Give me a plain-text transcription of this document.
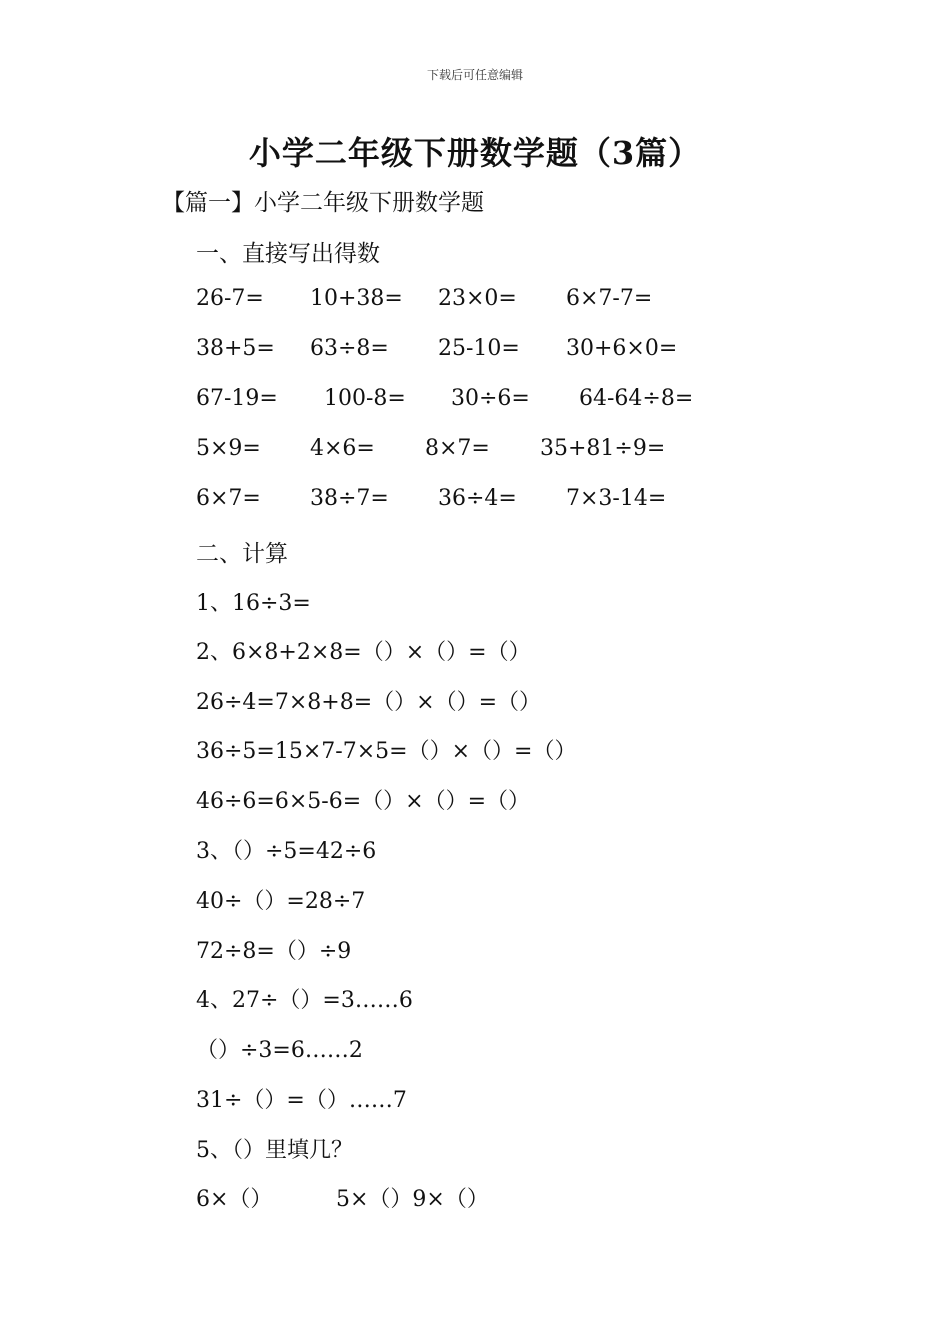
下载后可任意编辑
小学二年级下册数学题（3篇）
【篇一】小学二年级下册数学题
一、直接写出得数
26-7= 10+38= 23×0= 6×7-7=
38+5= 63÷8= 25-10= 30+6×0=
67-19= 100-8= 30÷6= 64-64÷8=
5×9= 4×6= 8×7= 35+81÷9=
6×7= 38÷7= 36÷4= 7×3-14=
二、计算
1、16÷3=
2、6×8+2×8=（）×（）=（）
26÷4=7×8+8=（）×（）=（）
36÷5=15×7-7×5=（）×（）=（）
46÷6=6×5-6=（）×（）=（）
3、（）÷5=42÷6
40÷（）=28÷7
72÷8=（）÷9
4、27÷（）=3……6
（）÷3=6……2
31÷（）=（）……7
5、（）里填几？
6×（）	5×（）9×（）
